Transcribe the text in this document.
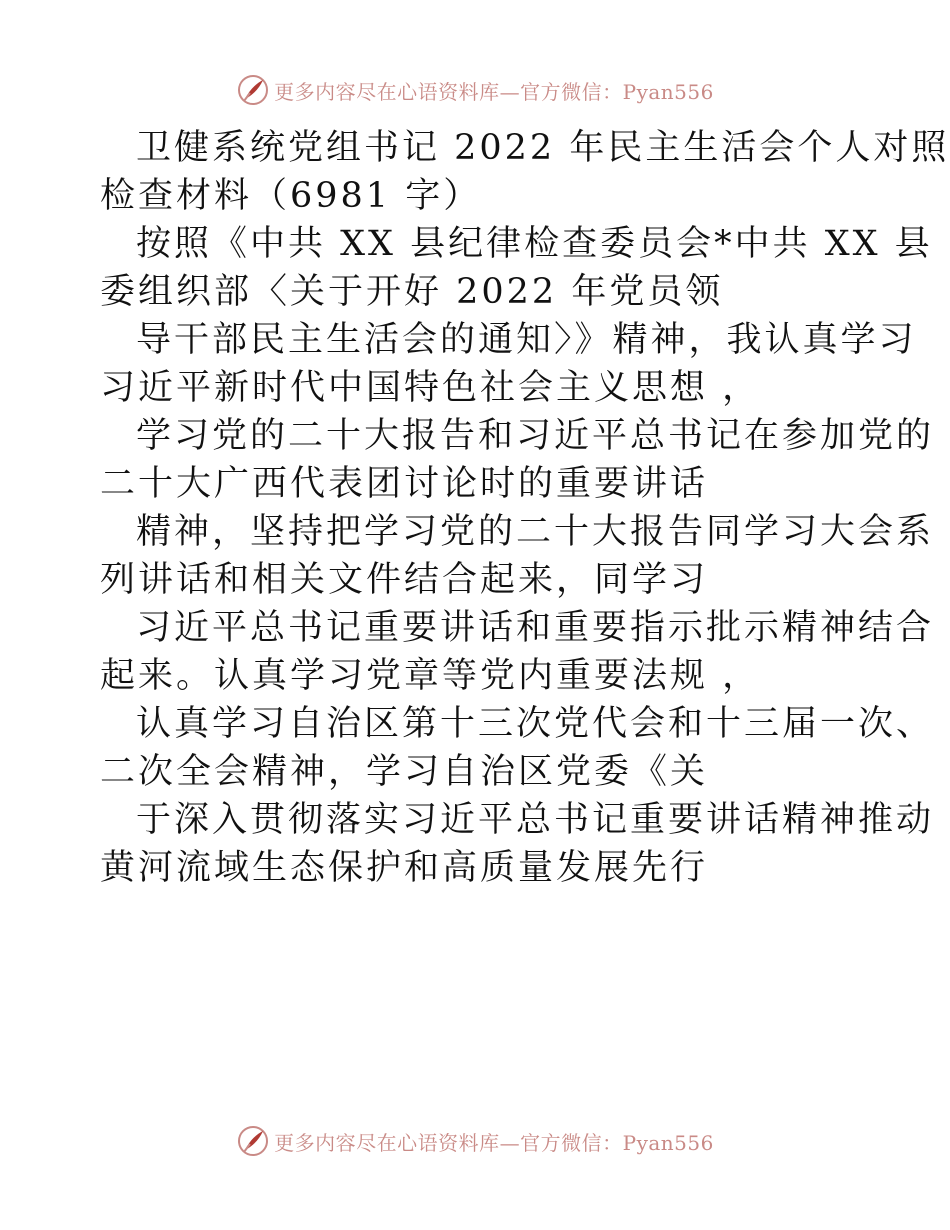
更多内容尽在心语资料库—官方微信：Pyan556
卫健系统党组书记 2022 年民主生活会个人对照
检查材料（6981 字）
按照《中共 XX 县纪律检查委员会*中共 XX 县
委组织部〈关于开好 2022 年党员领
导干部民主生活会的通知〉》精神，我认真学习
习近平新时代中国特色社会主义思想 ，
学习党的二十大报告和习近平总书记在参加党的
二十大广西代表团讨论时的重要讲话
精神，坚持把学习党的二十大报告同学习大会系
列讲话和相关文件结合起来，同学习
习近平总书记重要讲话和重要指示批示精神结合
起来。认真学习党章等党内重要法规 ，
认真学习自治区第十三次党代会和十三届一次、
二次全会精神，学习自治区党委《关
于深入贯彻落实习近平总书记重要讲话精神推动
黄河流域生态保护和高质量发展先行
更多内容尽在心语资料库—官方微信：Pyan556
